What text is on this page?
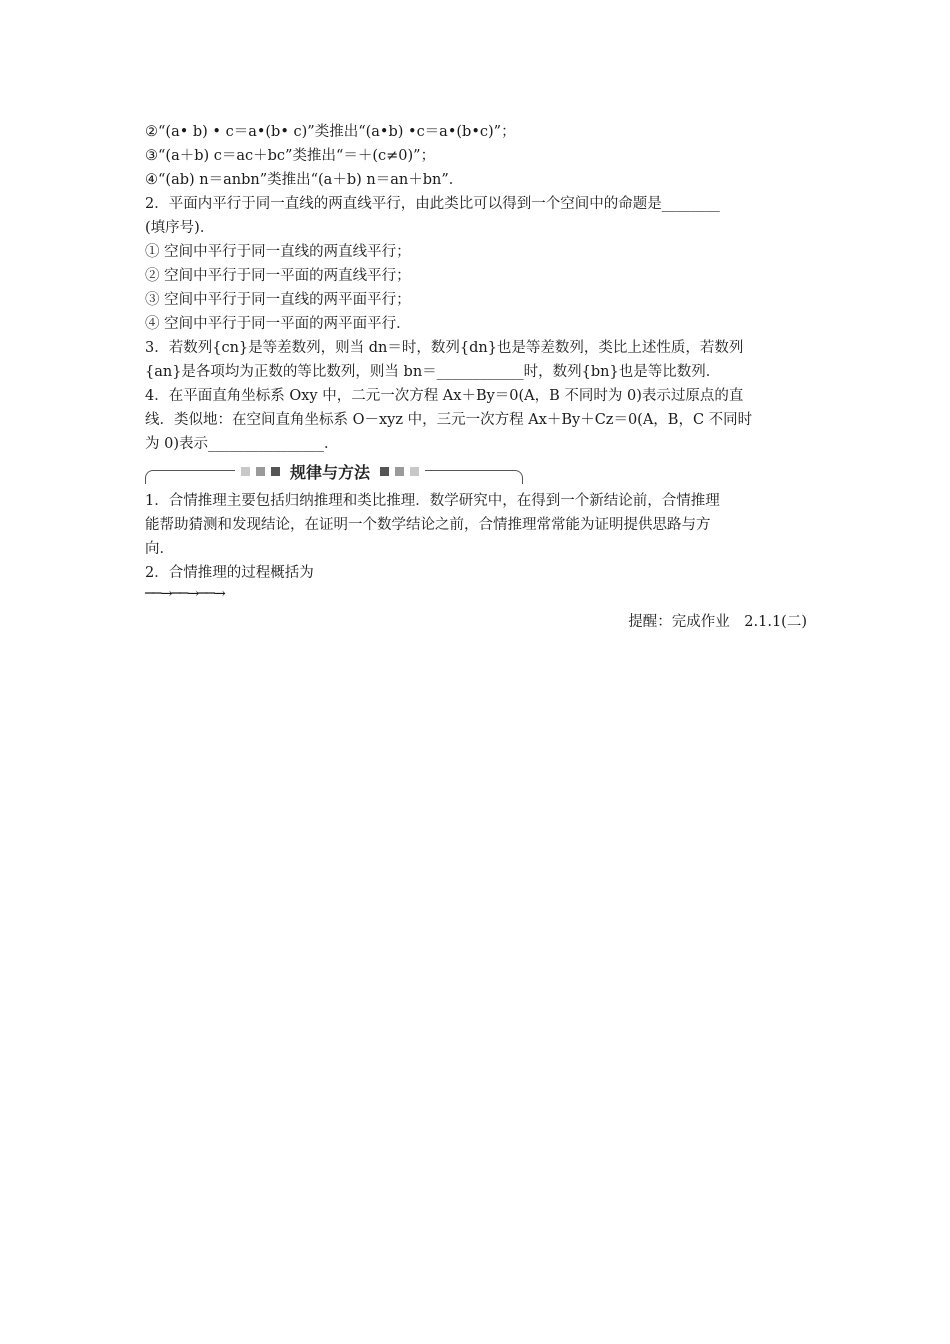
②“(a• b) • c＝a•(b• c)”类推出“(a•b) •c＝a•(b•c)”；
③“(a＋b) c＝ac＋bc”类推出“＝＋(c≠0)”；
④“(ab) n＝anbn”类推出“(a＋b) n＝an＋bn”．
2．平面内平行于同一直线的两直线平行，由此类比可以得到一个空间中的命题是________
(填序号)．
① 空间中平行于同一直线的两直线平行；
② 空间中平行于同一平面的两直线平行；
③ 空间中平行于同一直线的两平面平行；
④ 空间中平行于同一平面的两平面平行．
3．若数列{cn}是等差数列，则当 dn＝时，数列{dn}也是等差数列，类比上述性质，若数列
{an}是各项均为正数的等比数列，则当 bn＝____________时，数列{bn}也是等比数列．
4．在平面直角坐标系 Oxy 中，二元一次方程 Ax＋By＝0(A，B 不同时为 0)表示过原点的直
线．类似地：在空间直角坐标系 O－xyz 中，三元一次方程 Ax＋By＋Cz＝0(A，B，C 不同时
为 0)表示________________．
规律与方法
1．合情推理主要包括归纳推理和类比推理．数学研究中，在得到一个新结论前，合情推理
能帮助猜测和发现结论，在证明一个数学结论之前，合情推理常常能为证明提供思路与方
向．
2．合情推理的过程概括为
──→──→──→
提醒：完成作业　2.1.1(二)
